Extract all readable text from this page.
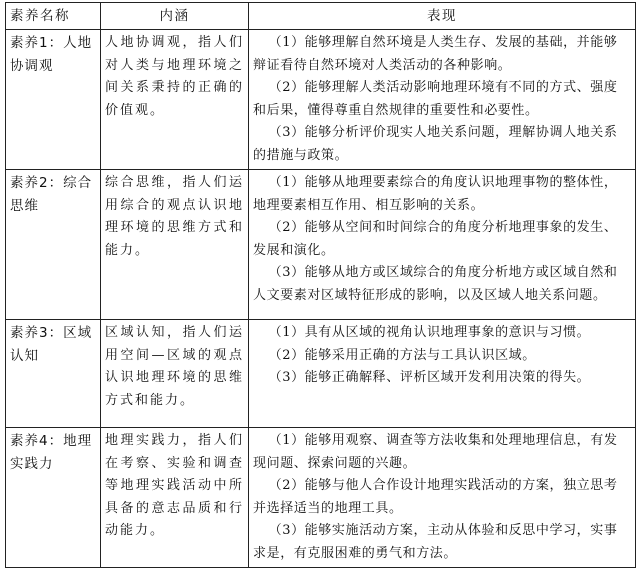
素养名称	内涵	表现
素养1：人地协调观	人地协调观，指人们对人类与地理环境之间关系秉持的正确的价值观。	（1）能够理解自然环境是人类生存、发展的基础，并能够辩证看待自然环境对人类活动的各种影响。

（2）能够理解人类活动影响地理环境有不同的方式、强度和后果，懂得尊重自然规律的重要性和必要性。

（3）能够分析评价现实人地关系问题，理解协调人地关系的措施与政策。

素养2：综合思维	综合思维，指人们运用综合的观点认识地理环境的思维方式和能力。	（1）能够从地理要素综合的角度认识地理事物的整体性，地理要素相互作用、相互影响的关系。

（2）能够从空间和时间综合的角度分析地理事象的发生、发展和演化。

（3）能够从地方或区域综合的角度分析地方或区域自然和人文要素对区域特征形成的影响，以及区域人地关系问题。

素养3：区域认知	区域认知，指人们运用空间—区域的观点认识地理环境的思维方式和能力。	（1）具有从区域的视角认识地理事象的意识与习惯。

（2）能够采用正确的方法与工具认识区域。

（3）能够正确解释、评析区域开发利用决策的得失。

素养4：地理实践力	地理实践力，指人们在考察、实验和调查等地理实践活动中所具备的意志品质和行动能力。	（1）能够用观察、调查等方法收集和处理地理信息，有发现问题、探索问题的兴趣。

（2）能够与他人合作设计地理实践活动的方案，独立思考并选择适当的地理工具。

（3）能够实施活动方案，主动从体验和反思中学习，实事求是，有克服困难的勇气和方法。
